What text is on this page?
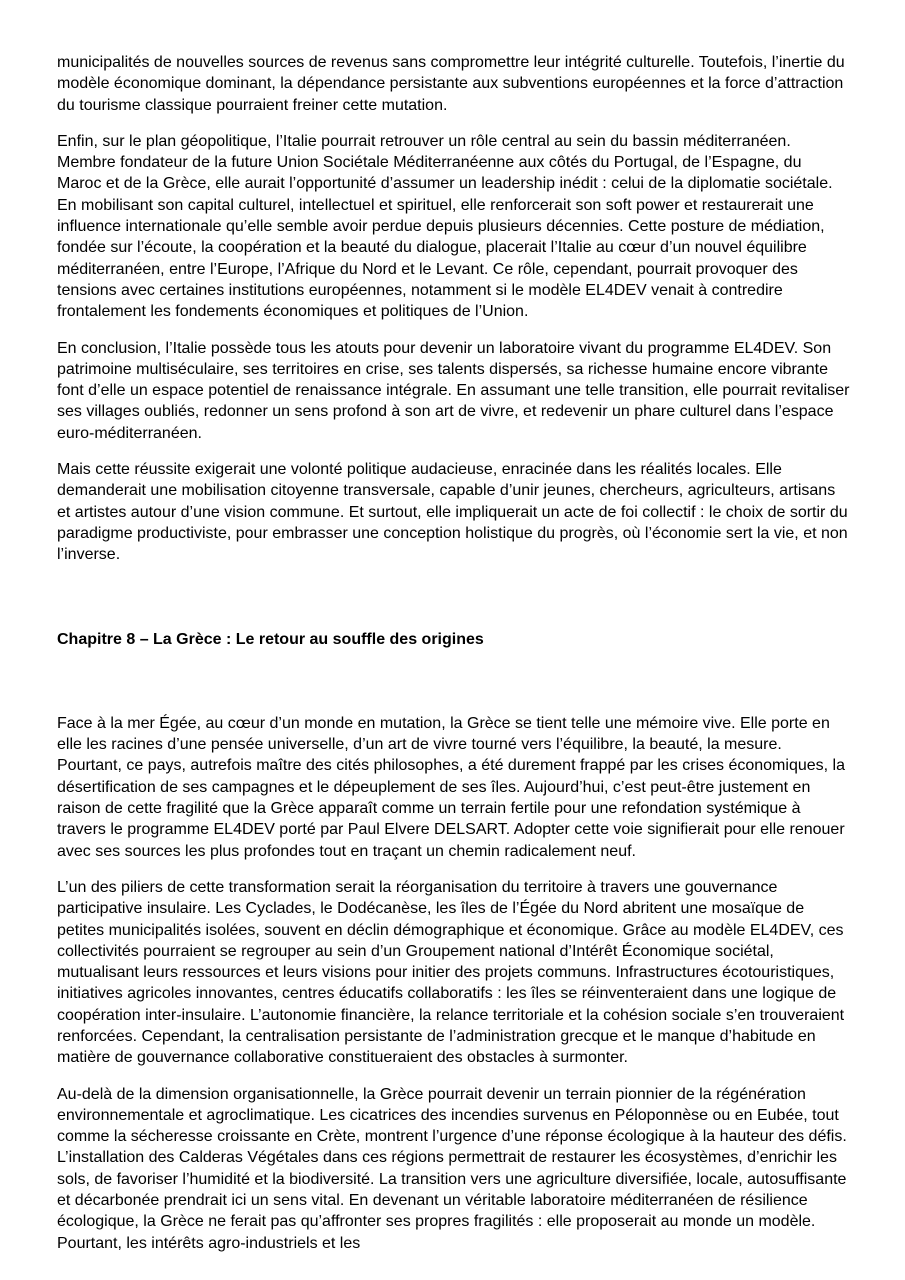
municipalités de nouvelles sources de revenus sans compromettre leur intégrité culturelle. Toutefois, l’inertie du modèle économique dominant, la dépendance persistante aux subventions européennes et la force d’attraction du tourisme classique pourraient freiner cette mutation.

Enfin, sur le plan géopolitique, l’Italie pourrait retrouver un rôle central au sein du bassin méditerranéen. Membre fondateur de la future Union Sociétale Méditerranéenne aux côtés du Portugal, de l’Espagne, du Maroc et de la Grèce, elle aurait l’opportunité d’assumer un leadership inédit : celui de la diplomatie sociétale. En mobilisant son capital culturel, intellectuel et spirituel, elle renforcerait son soft power et restaurerait une influence internationale qu’elle semble avoir perdue depuis plusieurs décennies. Cette posture de médiation, fondée sur l’écoute, la coopération et la beauté du dialogue, placerait l’Italie au cœur d’un nouvel équilibre méditerranéen, entre l’Europe, l’Afrique du Nord et le Levant. Ce rôle, cependant, pourrait provoquer des tensions avec certaines institutions européennes, notamment si le modèle EL4DEV venait à contredire frontalement les fondements économiques et politiques de l’Union.

En conclusion, l’Italie possède tous les atouts pour devenir un laboratoire vivant du programme EL4DEV. Son patrimoine multiséculaire, ses territoires en crise, ses talents dispersés, sa richesse humaine encore vibrante font d’elle un espace potentiel de renaissance intégrale. En assumant une telle transition, elle pourrait revitaliser ses villages oubliés, redonner un sens profond à son art de vivre, et redevenir un phare culturel dans l’espace euro-méditerranéen.

Mais cette réussite exigerait une volonté politique audacieuse, enracinée dans les réalités locales. Elle demanderait une mobilisation citoyenne transversale, capable d’unir jeunes, chercheurs, agriculteurs, artisans et artistes autour d’une vision commune. Et surtout, elle impliquerait un acte de foi collectif : le choix de sortir du paradigme productiviste, pour embrasser une conception holistique du progrès, où l’économie sert la vie, et non l’inverse.

Chapitre 8 – La Grèce : Le retour au souffle des origines

Face à la mer Égée, au cœur d’un monde en mutation, la Grèce se tient telle une mémoire vive. Elle porte en elle les racines d’une pensée universelle, d’un art de vivre tourné vers l’équilibre, la beauté, la mesure. Pourtant, ce pays, autrefois maître des cités philosophes, a été durement frappé par les crises économiques, la désertification de ses campagnes et le dépeuplement de ses îles. Aujourd’hui, c’est peut-être justement en raison de cette fragilité que la Grèce apparaît comme un terrain fertile pour une refondation systémique à travers le programme EL4DEV porté par Paul Elvere DELSART. Adopter cette voie signifierait pour elle renouer avec ses sources les plus profondes tout en traçant un chemin radicalement neuf.

L’un des piliers de cette transformation serait la réorganisation du territoire à travers une gouvernance participative insulaire. Les Cyclades, le Dodécanèse, les îles de l’Égée du Nord abritent une mosaïque de petites municipalités isolées, souvent en déclin démographique et économique. Grâce au modèle EL4DEV, ces collectivités pourraient se regrouper au sein d’un Groupement national d’Intérêt Économique sociétal, mutualisant leurs ressources et leurs visions pour initier des projets communs. Infrastructures écotouristiques, initiatives agricoles innovantes, centres éducatifs collaboratifs : les îles se réinventeraient dans une logique de coopération inter-insulaire. L’autonomie financière, la relance territoriale et la cohésion sociale s’en trouveraient renforcées. Cependant, la centralisation persistante de l’administration grecque et le manque d’habitude en matière de gouvernance collaborative constitueraient des obstacles à surmonter.

Au-delà de la dimension organisationnelle, la Grèce pourrait devenir un terrain pionnier de la régénération environnementale et agroclimatique. Les cicatrices des incendies survenus en Péloponnèse ou en Eubée, tout comme la sécheresse croissante en Crète, montrent l’urgence d’une réponse écologique à la hauteur des défis. L’installation des Calderas Végétales dans ces régions permettrait de restaurer les écosystèmes, d’enrichir les sols, de favoriser l’humidité et la biodiversité. La transition vers une agriculture diversifiée, locale, autosuffisante et décarbonée prendrait ici un sens vital. En devenant un véritable laboratoire méditerranéen de résilience écologique, la Grèce ne ferait pas qu’affronter ses propres fragilités : elle proposerait au monde un modèle. Pourtant, les intérêts agro-industriels et les
